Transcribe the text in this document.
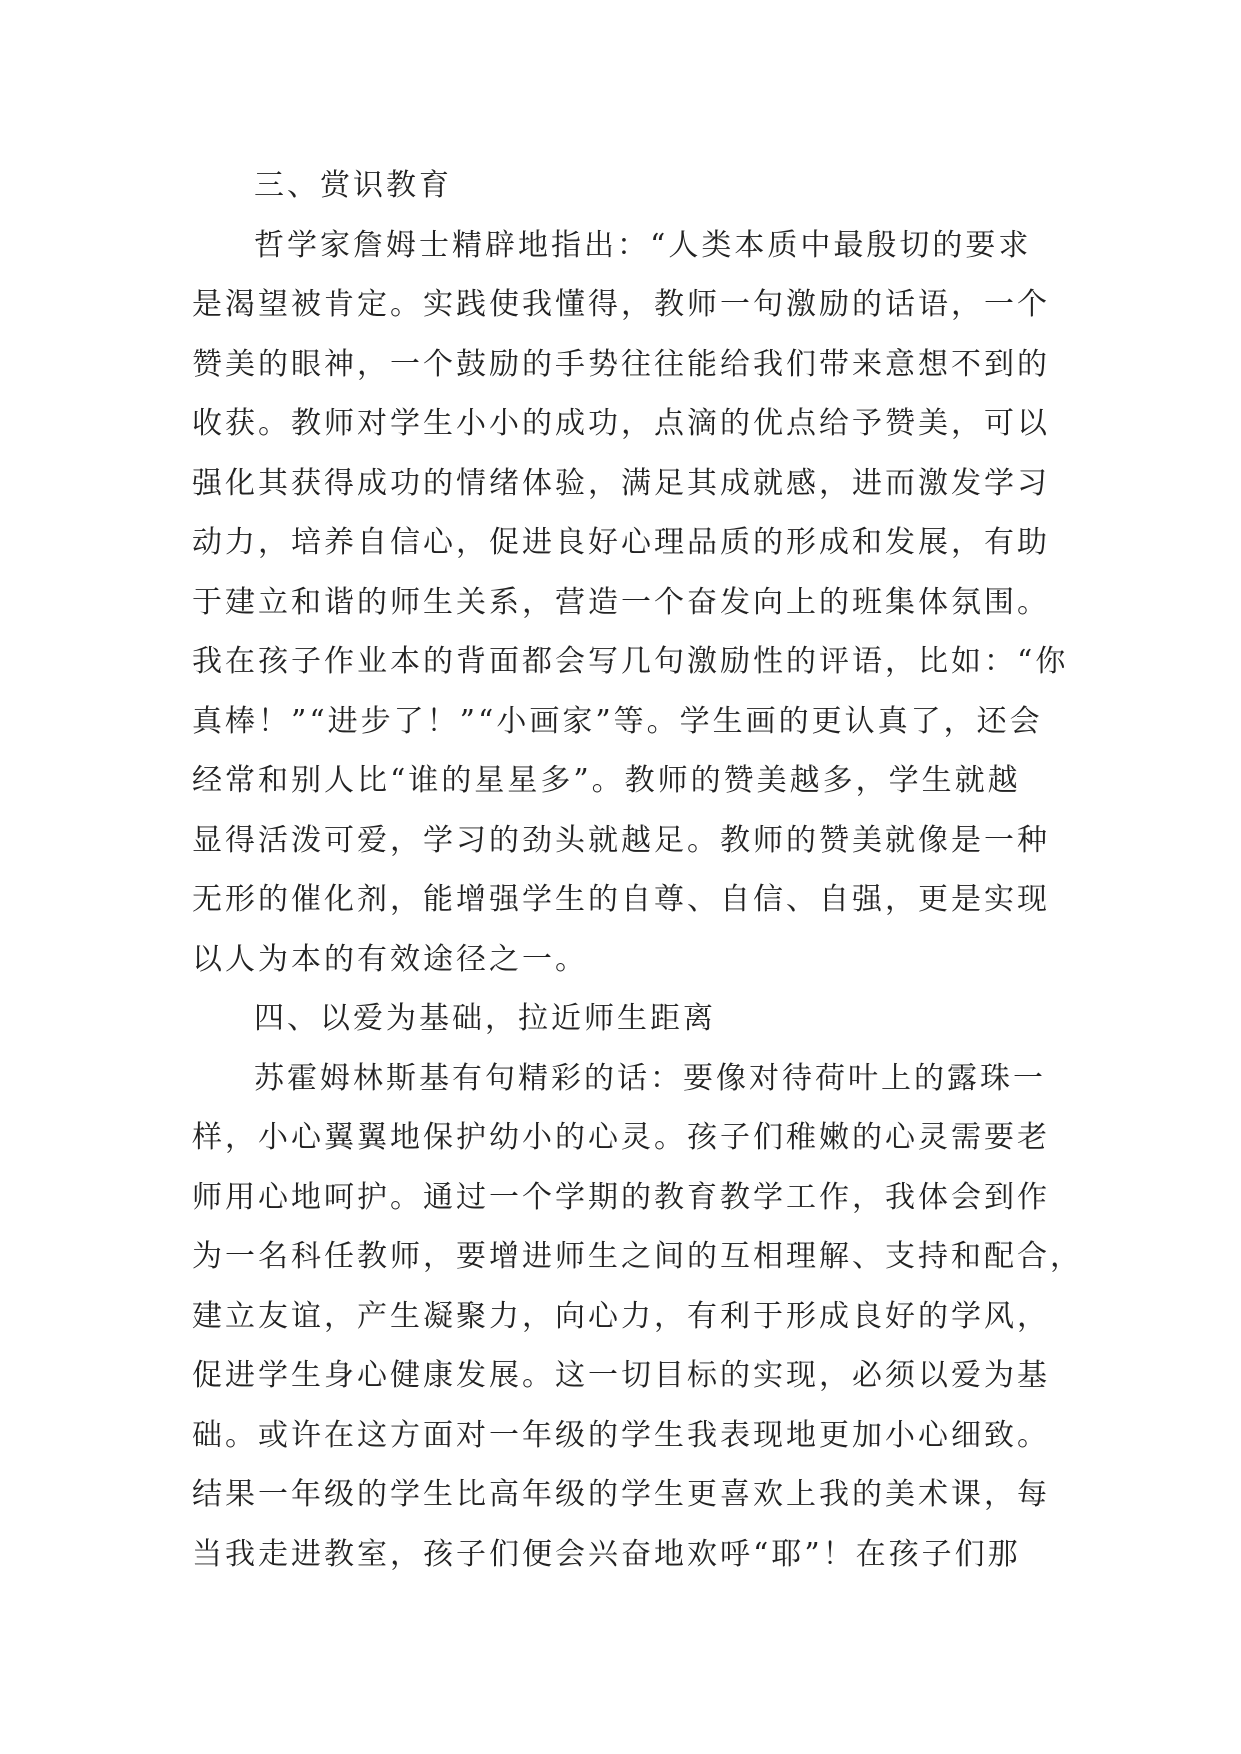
三、赏识教育
哲学家詹姆士精辟地指出：“人类本质中最殷切的要求
是渴望被肯定。实践使我懂得，教师一句激励的话语，一个
赞美的眼神，一个鼓励的手势往往能给我们带来意想不到的
收获。教师对学生小小的成功，点滴的优点给予赞美，可以
强化其获得成功的情绪体验，满足其成就感，进而激发学习
动力，培养自信心，促进良好心理品质的形成和发展，有助
于建立和谐的师生关系，营造一个奋发向上的班集体氛围。
我在孩子作业本的背面都会写几句激励性的评语，比如：“你
真棒！”“进步了！”“小画家”等。学生画的更认真了，还会
经常和别人比“谁的星星多”。教师的赞美越多，学生就越
显得活泼可爱，学习的劲头就越足。教师的赞美就像是一种
无形的催化剂，能增强学生的自尊、自信、自强，更是实现
以人为本的有效途径之一。
四、以爱为基础，拉近师生距离
苏霍姆林斯基有句精彩的话：要像对待荷叶上的露珠一
样，小心翼翼地保护幼小的心灵。孩子们稚嫩的心灵需要老
师用心地呵护。通过一个学期的教育教学工作，我体会到作
为一名科任教师，要增进师生之间的互相理解、支持和配合，
建立友谊，产生凝聚力，向心力，有利于形成良好的学风，
促进学生身心健康发展。这一切目标的实现，必须以爱为基
础。或许在这方面对一年级的学生我表现地更加小心细致。
结果一年级的学生比高年级的学生更喜欢上我的美术课，每
当我走进教室，孩子们便会兴奋地欢呼“耶”！在孩子们那
